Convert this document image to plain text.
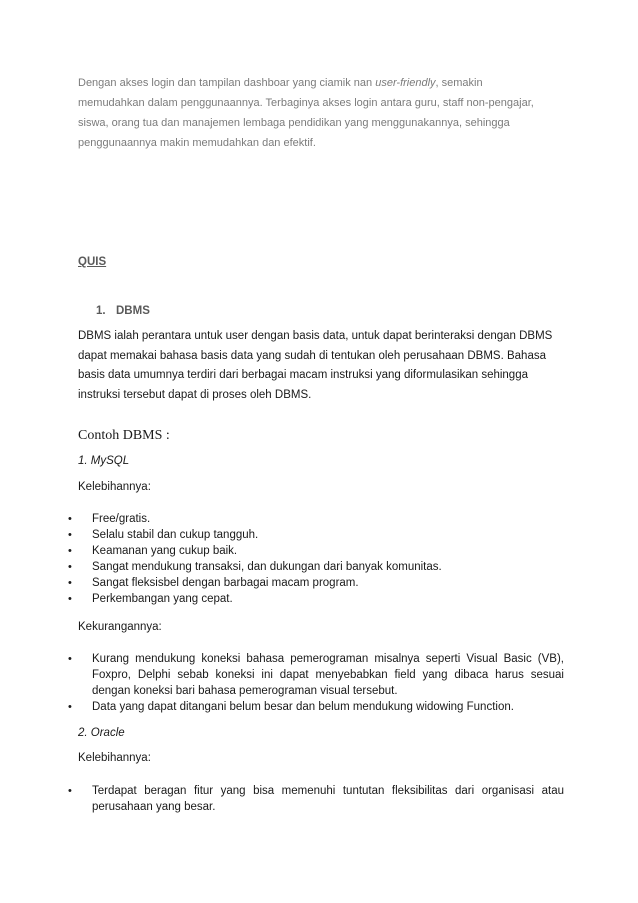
Dengan akses login dan tampilan dashboar yang ciamik nan user-friendly, semakin memudahkan dalam penggunaannya. Terbaginya akses login antara guru, staff non-pengajar, siswa, orang tua dan manajemen lembaga pendidikan yang menggunakannya, sehingga penggunaannya makin memudahkan dan efektif.

QUIS
1. DBMS

DBMS ialah perantara untuk user dengan basis data, untuk dapat berinteraksi dengan DBMS dapat memakai bahasa basis data yang sudah di tentukan oleh perusahaan DBMS. Bahasa basis data umumnya terdiri dari berbagai macam instruksi yang diformulasikan sehingga instruksi tersebut dapat di proses oleh DBMS.

Contoh DBMS :
1. MySQL
Kelebihannya:
• Free/gratis.
• Selalu stabil dan cukup tangguh.
• Keamanan yang cukup baik.
• Sangat mendukung transaksi, dan dukungan dari banyak komunitas.
• Sangat fleksisbel dengan barbagai macam program.
• Perkembangan yang cepat.
Kekurangannya:
• Kurang mendukung koneksi bahasa pemerograman misalnya seperti Visual Basic (VB), Foxpro, Delphi sebab koneksi ini dapat menyebabkan field yang dibaca harus sesuai dengan koneksi bari bahasa pemerograman visual tersebut.
• Data yang dapat ditangani belum besar dan belum mendukung widowing Function.
2. Oracle
Kelebihannya:
• Terdapat beragan fitur yang bisa memenuhi tuntutan fleksibilitas dari organisasi atau perusahaan yang besar.
